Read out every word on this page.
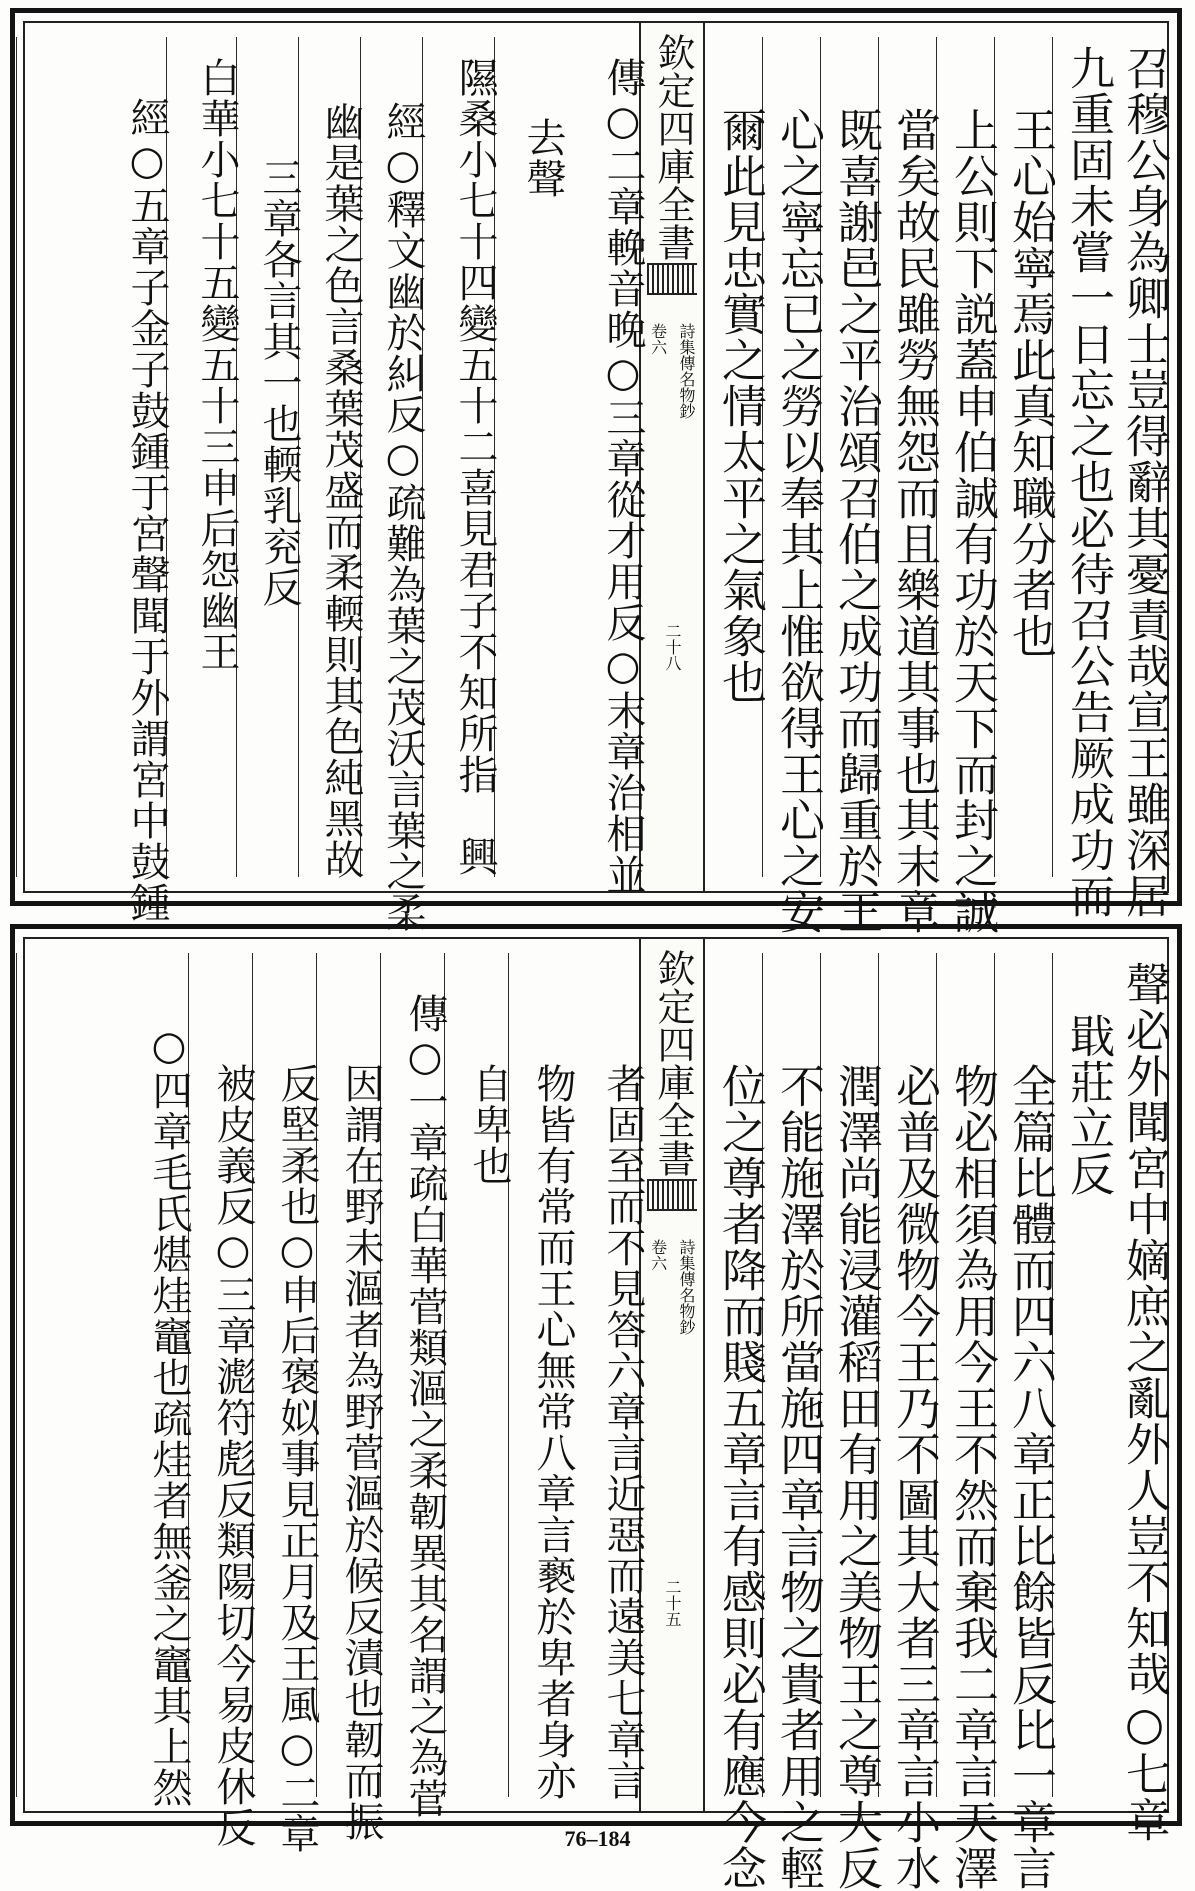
召穆公身為卿士豈得辭其憂責哉宣王雖深居
九重固未嘗一日忘之也必待召公告厥成功而
王心始寧焉此真知職分者也
上公則下説蓋申伯誠有功於天下而封之誠
當矣故民雖勞無怨而且樂道其事也其末章
既喜謝邑之平治頌召伯之成功而歸重於王
心之寧忘已之勞以奉其上惟欲得王心之安
爾此見忠實之情太平之氣象也
欽定四庫全書
詩集傳名物鈔
卷六
二十八
傳○二章輓音晚○三章從才用反○末章治相並
去聲
隰桑小七十四變五十二喜見君子不知所指　興
經○釋文幽於糾反○疏難為葉之茂沃言葉之柔
幽是葉之色言桑葉茂盛而柔輭則其色純黑故
三章各言其一也輭乳兖反
白華小七十五變五十三申后怨幽王
經○五章子金子鼓鍾于宮聲聞于外謂宮中鼓鍾
聲必外聞宮中嫡庶之亂外人豈不知哉○七章
戢莊立反
全篇比體而四六八章正比餘皆反比一章言
物必相須為用今王不然而棄我二章言天澤
必普及微物今王乃不圖其大者三章言小水
潤澤尚能浸灌稻田有用之美物王之尊大反
不能施澤於所當施四章言物之貴者用之輕
位之尊者降而賤五章言有感則必有應今念
欽定四庫全書
詩集傳名物鈔
卷六
二十五
者固至而不見答六章言近惡而遠美七章言
物皆有常而王心無常八章言褻於卑者身亦
自卑也
傳○一章疏白華菅類漚之柔韌異其名謂之為菅
因謂在野未漚者為野菅漚於候反漬也韌而振
反堅柔也○申后褒姒事見正月及王風○二章
被皮義反○三章滮符彪反類陽切今易皮休反
○四章毛氏煁烓竈也疏烓者無釜之竈其上然
76–184
